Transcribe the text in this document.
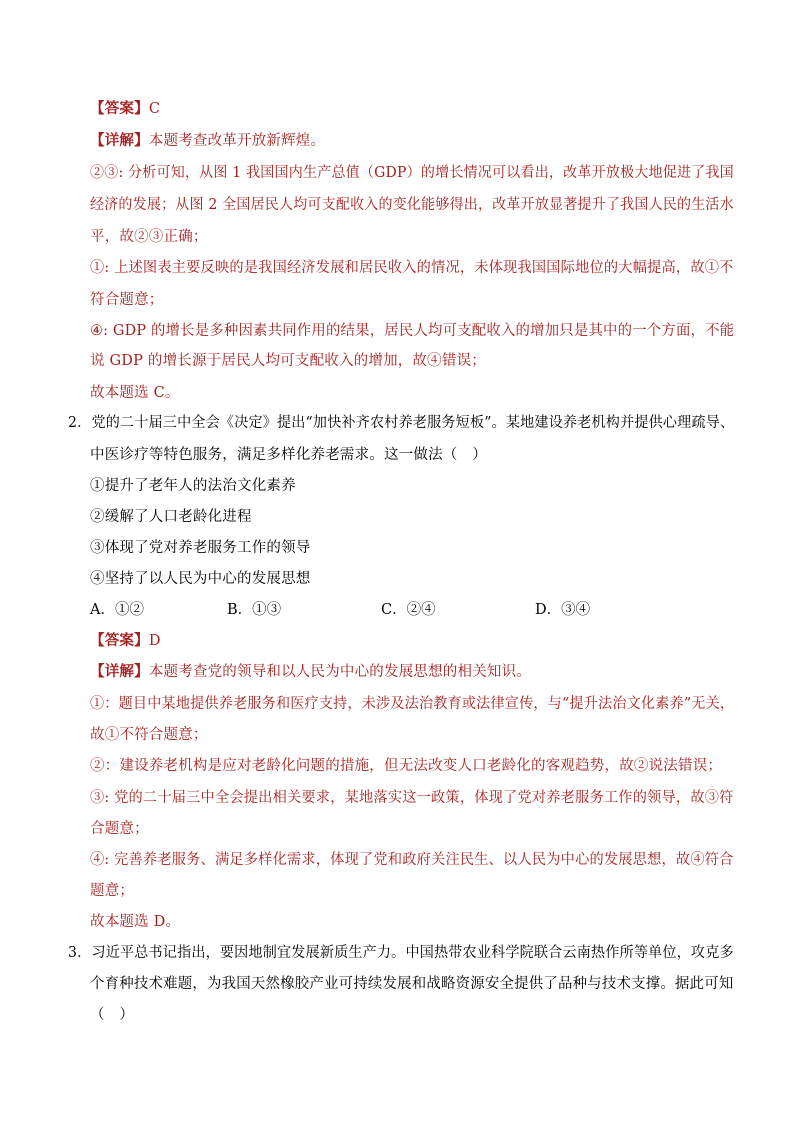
【答案】C
【详解】本题考查改革开放新辉煌。
②③: 分析可知，从图 1 我国国内生产总值（GDP）的增长情况可以看出，改革开放极大地促进了我国
经济的发展；从图 2 全国居民人均可支配收入的变化能够得出，改革开放显著提升了我国人民的生活水
平，故②③正确；
①: 上述图表主要反映的是我国经济发展和居民收入的情况，未体现我国国际地位的大幅提高，故①不
符合题意；
④: GDP 的增长是多种因素共同作用的结果，居民人均可支配收入的增加只是其中的一个方面，不能
说 GDP 的增长源于居民人均可支配收入的增加，故④错误；
故本题选 C。
2．党的二十届三中全会《决定》提出“加快补齐农村养老服务短板”。某地建设养老机构并提供心理疏导、
中医诊疗等特色服务，满足多样化养老需求。这一做法（　）
①提升了老年人的法治文化素养
②缓解了人口老龄化进程
③体现了党对养老服务工作的领导
④坚持了以人民为中心的发展思想
A．①②	B．①③	C．②④	D．③④
【答案】D
【详解】本题考查党的领导和以人民为中心的发展思想的相关知识。
①：题目中某地提供养老服务和医疗支持，未涉及法治教育或法律宣传，与“提升法治文化素养”无关，
故①不符合题意；
②：建设养老机构是应对老龄化问题的措施，但无法改变人口老龄化的客观趋势，故②说法错误；
③: 党的二十届三中全会提出相关要求，某地落实这一政策，体现了党对养老服务工作的领导，故③符
合题意；
④: 完善养老服务、满足多样化需求，体现了党和政府关注民生、以人民为中心的发展思想，故④符合
题意；
故本题选 D。
3．习近平总书记指出，要因地制宜发展新质生产力。中国热带农业科学院联合云南热作所等单位，攻克多
个育种技术难题，为我国天然橡胶产业可持续发展和战略资源安全提供了品种与技术支撑。据此可知
（　）
